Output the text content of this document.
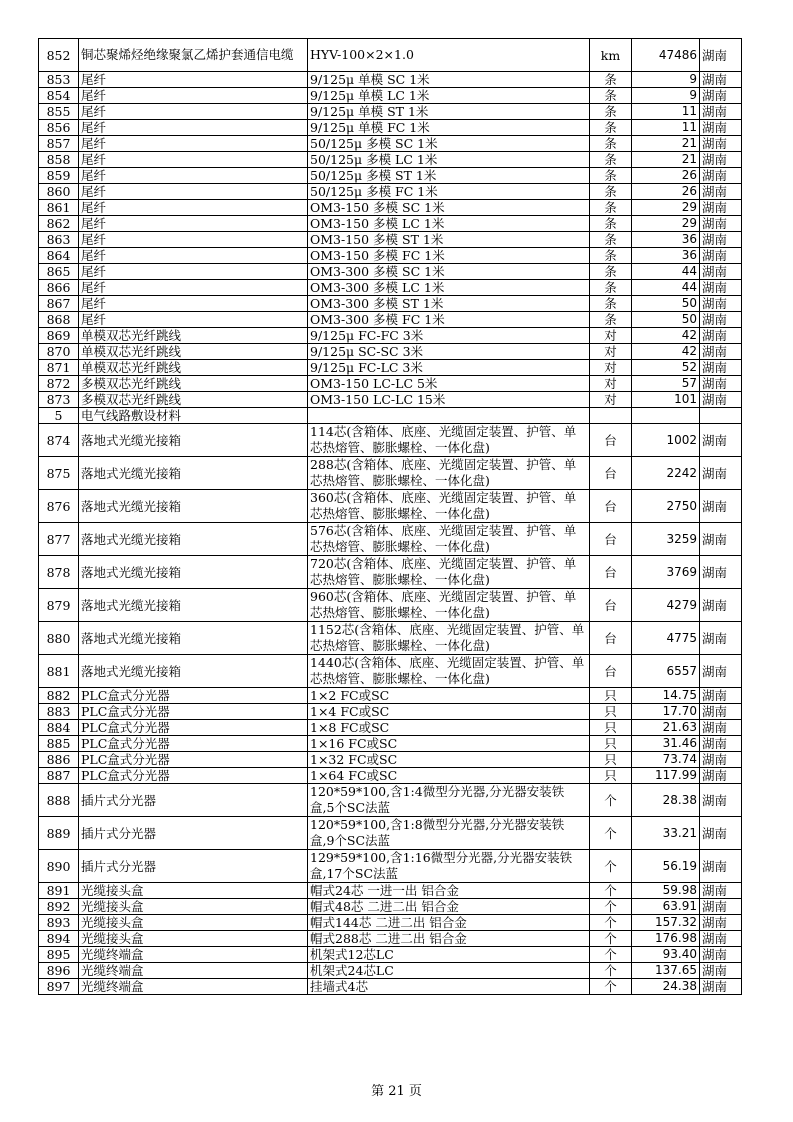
852	铜芯聚烯烃绝缘聚氯乙烯护套通信电缆	HYV-100×2×1.0	km	47486	湖南
853	尾纤	9/125μ 单模 SC 1米	条	9	湖南
854	尾纤	9/125μ 单模 LC 1米	条	9	湖南
855	尾纤	9/125μ 单模 ST 1米	条	11	湖南
856	尾纤	9/125μ 单模 FC 1米	条	11	湖南
857	尾纤	50/125μ 多模 SC 1米	条	21	湖南
858	尾纤	50/125μ 多模 LC 1米	条	21	湖南
859	尾纤	50/125μ 多模 ST 1米	条	26	湖南
860	尾纤	50/125μ 多模 FC 1米	条	26	湖南
861	尾纤	OM3-150 多模 SC 1米	条	29	湖南
862	尾纤	OM3-150 多模 LC 1米	条	29	湖南
863	尾纤	OM3-150 多模 ST 1米	条	36	湖南
864	尾纤	OM3-150 多模 FC 1米	条	36	湖南
865	尾纤	OM3-300 多模 SC 1米	条	44	湖南
866	尾纤	OM3-300 多模 LC 1米	条	44	湖南
867	尾纤	OM3-300 多模 ST 1米	条	50	湖南
868	尾纤	OM3-300 多模 FC 1米	条	50	湖南
869	单模双芯光纤跳线	9/125μ FC-FC 3米	对	42	湖南
870	单模双芯光纤跳线	9/125μ SC-SC 3米	对	42	湖南
871	单模双芯光纤跳线	9/125μ FC-LC 3米	对	52	湖南
872	多模双芯光纤跳线	OM3-150 LC-LC 5米	对	57	湖南
873	多模双芯光纤跳线	OM3-150 LC-LC 15米	对	101	湖南
5	电气线路敷设材料				
874	落地式光缆光接箱	114芯(含箱体、底座、光缆固定装置、护管、单芯热熔管、膨胀螺栓、一体化盘)	台	1002	湖南
875	落地式光缆光接箱	288芯(含箱体、底座、光缆固定装置、护管、单芯热熔管、膨胀螺栓、一体化盘)	台	2242	湖南
876	落地式光缆光接箱	360芯(含箱体、底座、光缆固定装置、护管、单芯热熔管、膨胀螺栓、一体化盘)	台	2750	湖南
877	落地式光缆光接箱	576芯(含箱体、底座、光缆固定装置、护管、单芯热熔管、膨胀螺栓、一体化盘)	台	3259	湖南
878	落地式光缆光接箱	720芯(含箱体、底座、光缆固定装置、护管、单芯热熔管、膨胀螺栓、一体化盘)	台	3769	湖南
879	落地式光缆光接箱	960芯(含箱体、底座、光缆固定装置、护管、单芯热熔管、膨胀螺栓、一体化盘)	台	4279	湖南
880	落地式光缆光接箱	1152芯(含箱体、底座、光缆固定装置、护管、单芯热熔管、膨胀螺栓、一体化盘)	台	4775	湖南
881	落地式光缆光接箱	1440芯(含箱体、底座、光缆固定装置、护管、单芯热熔管、膨胀螺栓、一体化盘)	台	6557	湖南
882	PLC盒式分光器	1×2 FC或SC	只	14.75	湖南
883	PLC盒式分光器	1×4 FC或SC	只	17.70	湖南
884	PLC盒式分光器	1×8 FC或SC	只	21.63	湖南
885	PLC盒式分光器	1×16 FC或SC	只	31.46	湖南
886	PLC盒式分光器	1×32 FC或SC	只	73.74	湖南
887	PLC盒式分光器	1×64 FC或SC	只	117.99	湖南
888	插片式分光器	120*59*100,含1:4微型分光器,分光器安装铁盒,5个SC法蓝	个	28.38	湖南
889	插片式分光器	120*59*100,含1:8微型分光器,分光器安装铁盒,9个SC法蓝	个	33.21	湖南
890	插片式分光器	129*59*100,含1:16微型分光器,分光器安装铁盒,17个SC法蓝	个	56.19	湖南
891	光缆接头盒	帽式24芯 一进一出 铝合金	个	59.98	湖南
892	光缆接头盒	帽式48芯 二进二出 铝合金	个	63.91	湖南
893	光缆接头盒	帽式144芯 二进二出 铝合金	个	157.32	湖南
894	光缆接头盒	帽式288芯 二进二出 铝合金	个	176.98	湖南
895	光缆终端盒	机架式12芯LC	个	93.40	湖南
896	光缆终端盒	机架式24芯LC	个	137.65	湖南
897	光缆终端盒	挂墙式4芯	个	24.38	湖南
第 21 页
